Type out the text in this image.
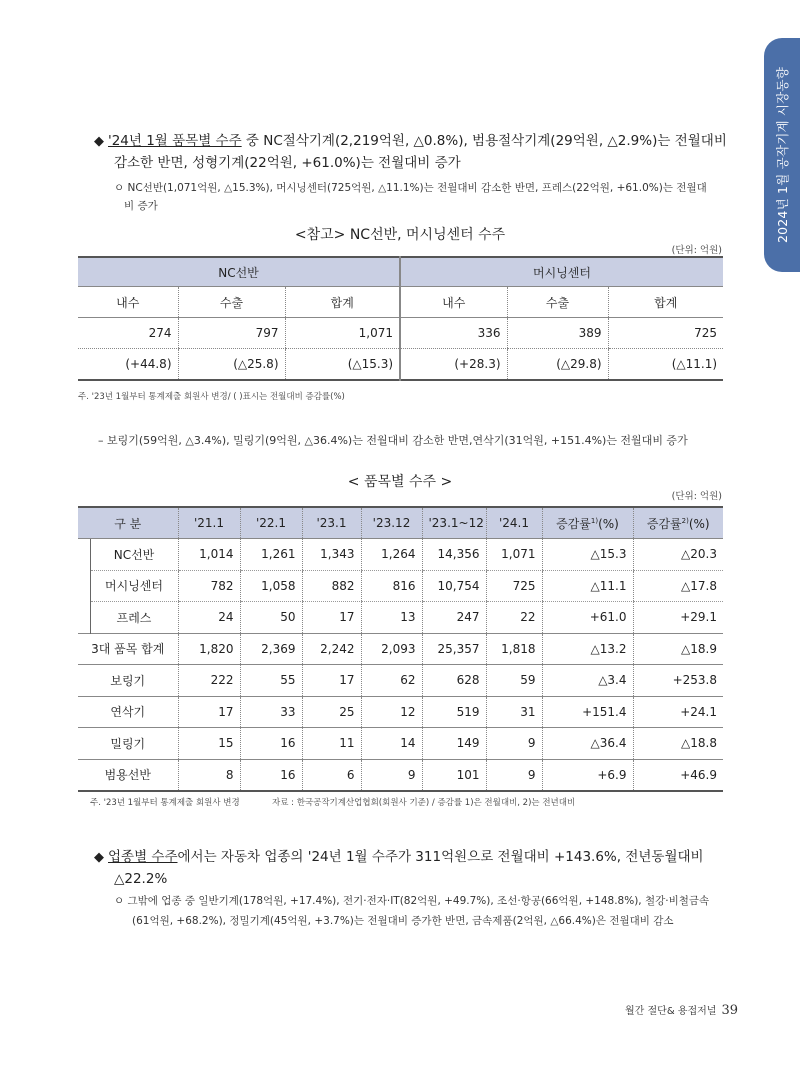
2024년 1월 공작기계 시장동향
◆ '24년 1월 품목별 수주 중 NC절삭기계(2,219억원, △0.8%), 범용절삭기계(29억원, △2.9%)는 전월대비
감소한 반면, 성형기계(22억원, +61.0%)는 전월대비 증가
ㅇ NC선반(1,071억원, △15.3%), 머시닝센터(725억원, △11.1%)는 전월대비 감소한 반면, 프레스(22억원, +61.0%)는 전월대
비 증가
<참고> NC선반, 머시닝센터 수주
(단위: 억원)
NC선반			머시닝센터		
내수	수출	합계	내수	수출	합계
274	797	1,071	336	389	725
(+44.8)	(△25.8)	(△15.3)	(+28.3)	(△29.8)	(△11.1)
주. '23년 1월부터 통계제출 회원사 변경/ ( )표시는 전월대비 증감률(%)
– 보링기(59억원, △3.4%), 밀링기(9억원, △36.4%)는 전월대비 감소한 반면,연삭기(31억원, +151.4%)는 전월대비 증가
< 품목별 수주 >
(단위: 억원)
구 분		'21.1	'22.1	'23.1	'23.12	'23.1~12	'24.1	증감률$^{1)}$(%)	증감률$^{2)}$(%)
	NC선반	1,014	1,261	1,343	1,264	14,356	1,071	△15.3	△20.3
	머시닝센터	782	1,058	882	816	10,754	725	△11.1	△17.8
	프레스	24	50	17	13	247	22	+61.0	+29.1
3대 품목 합계		1,820	2,369	2,242	2,093	25,357	1,818	△13.2	△18.9
보링기		222	55	17	62	628	59	△3.4	+253.8
연삭기		17	33	25	12	519	31	+151.4	+24.1
밀링기		15	16	11	14	149	9	△36.4	△18.8
범용선반		8	16	6	9	101	9	+6.9	+46.9
주. '23년 1월부터 통계제출 회원사 변경	자료 : 한국공작기계산업협회(회원사 기준) / 증감률 1)은 전월대비, 2)는 전년대비
◆ 업종별 수주에서는 자동차 업종의 '24년 1월 수주가 311억원으로 전월대비 +143.6%, 전년동월대비
△22.2%
ㅇ 그밖에 업종 중 일반기계(178억원, +17.4%), 전기·전자·IT(82억원, +49.7%), 조선·항공(66억원, +148.8%), 철강·비철금속
(61억원, +68.2%), 정밀기계(45억원, +3.7%)는 전월대비 증가한 반면, 금속제품(2억원, △66.4%)은 전월대비 감소
월간 절단& 용접저널 39
